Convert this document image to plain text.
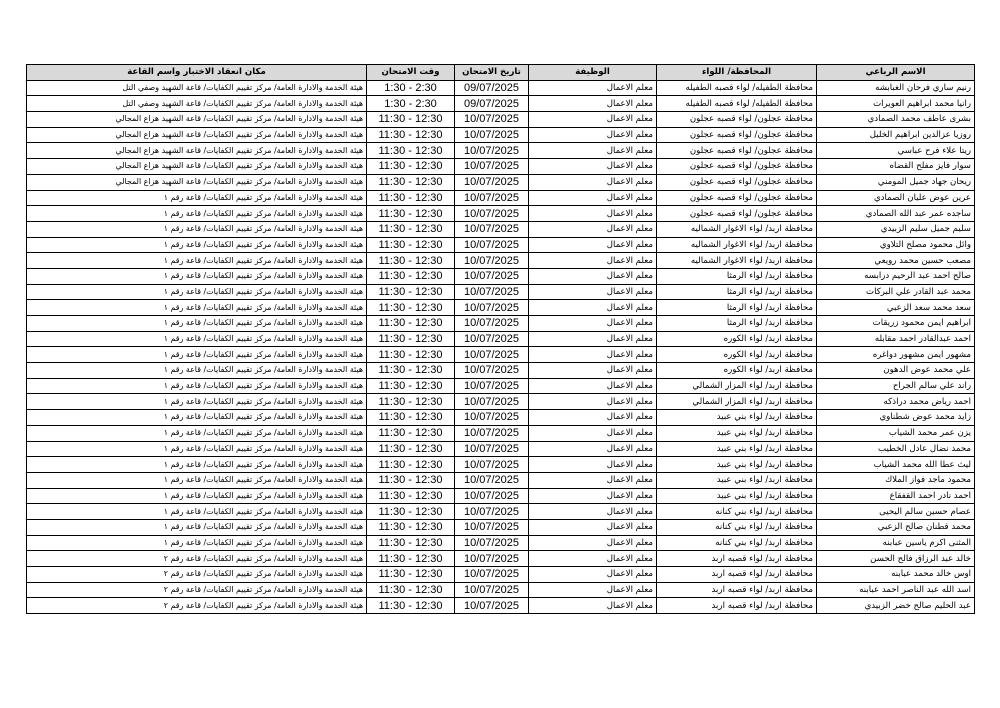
الاسم الرباعي	المحافظة/ اللواء	الوظيفة	تاريخ الامتحان	وقت الامتحان	مكان انعقاد الاختبار واسم القاعة
رنيم ساري فرحان الغبابشه	محافظة الطفيله/ لواء قصبه الطفيله	معلم الاعمال	09/07/2025	1:30 - 2:30	هيئة الخدمة والادارة العامة/ مركز تقييم الكفايات/ قاعة الشهيد وصفي التل
رانيا محمد ابراهيم العويرات	محافظة الطفيله/ لواء قصبه الطفيله	معلم الاعمال	09/07/2025	1:30 - 2:30	هيئة الخدمة والادارة العامة/ مركز تقييم الكفايات/ قاعة الشهيد وصفي التل
بشرى عاطف محمد الصمادي	محافظة عجلون/ لواء قصبه عجلون	معلم الاعمال	10/07/2025	11:30 - 12:30	هيئة الخدمة والادارة العامة/ مركز تقييم الكفايات/ قاعة الشهيد هزاع المجالي
روزيا عزالدين ابراهيم الخليل	محافظة عجلون/ لواء قصبه عجلون	معلم الاعمال	10/07/2025	11:30 - 12:30	هيئة الخدمة والادارة العامة/ مركز تقييم الكفايات/ قاعة الشهيد هزاع المجالي
ريتا علاء فرح عباسي	محافظة عجلون/ لواء قصبه عجلون	معلم الاعمال	10/07/2025	11:30 - 12:30	هيئة الخدمة والادارة العامة/ مركز تقييم الكفايات/ قاعة الشهيد هزاع المجالي
سوار فايز مفلح القضاه	محافظة عجلون/ لواء قصبه عجلون	معلم الاعمال	10/07/2025	11:30 - 12:30	هيئة الخدمة والادارة العامة/ مركز تقييم الكفايات/ قاعة الشهيد هزاع المجالي
ريحان جهاد جميل المومني	محافظة عجلون/ لواء قصبه عجلون	معلم الاعمال	10/07/2025	11:30 - 12:30	هيئة الخدمة والادارة العامة/ مركز تقييم الكفايات/ قاعة الشهيد هزاع المجالي
عرين عوض عليان الصمادي	محافظة عجلون/ لواء قصبه عجلون	معلم الاعمال	10/07/2025	11:30 - 12:30	هيئة الخدمة والادارة العامة/ مركز تقييم الكفايات/ قاعة رقم ١
ساجده عمر عبد الله الصمادي	محافظة عجلون/ لواء قصبه عجلون	معلم الاعمال	10/07/2025	11:30 - 12:30	هيئة الخدمة والادارة العامة/ مركز تقييم الكفايات/ قاعة رقم ١
سليم جميل سليم الزبيدي	محافظة اربد/ لواء الاغوار الشماليه	معلم الاعمال	10/07/2025	11:30 - 12:30	هيئة الخدمة والادارة العامة/ مركز تقييم الكفايات/ قاعة رقم ١
وائل محمود مصلح التلاوي	محافظة اربد/ لواء الاغوار الشماليه	معلم الاعمال	10/07/2025	11:30 - 12:30	هيئة الخدمة والادارة العامة/ مركز تقييم الكفايات/ قاعة رقم ١
مصعب حسين محمد رويعي	محافظة اربد/ لواء الاغوار الشماليه	معلم الاعمال	10/07/2025	11:30 - 12:30	هيئة الخدمة والادارة العامة/ مركز تقييم الكفايات/ قاعة رقم ١
صالح احمد عبد الرحيم درابسه	محافظة اربد/ لواء الرمثا	معلم الاعمال	10/07/2025	11:30 - 12:30	هيئة الخدمة والادارة العامة/ مركز تقييم الكفايات/ قاعة رقم ١
محمد عبد القادر علي البركات	محافظة اربد/ لواء الرمثا	معلم الاعمال	10/07/2025	11:30 - 12:30	هيئة الخدمة والادارة العامة/ مركز تقييم الكفايات/ قاعة رقم ١
سعد محمد سعد الزعبي	محافظة اربد/ لواء الرمثا	معلم الاعمال	10/07/2025	11:30 - 12:30	هيئة الخدمة والادارة العامة/ مركز تقييم الكفايات/ قاعة رقم ١
ابراهيم ايمن محمود زريقات	محافظة اربد/ لواء الرمثا	معلم الاعمال	10/07/2025	11:30 - 12:30	هيئة الخدمة والادارة العامة/ مركز تقييم الكفايات/ قاعة رقم ١
احمد عبدالقادر احمد مقابله	محافظة اربد/ لواء الكوره	معلم الاعمال	10/07/2025	11:30 - 12:30	هيئة الخدمة والادارة العامة/ مركز تقييم الكفايات/ قاعة رقم ١
مشهور ايمن مشهور دواغره	محافظة اربد/ لواء الكوره	معلم الاعمال	10/07/2025	11:30 - 12:30	هيئة الخدمة والادارة العامة/ مركز تقييم الكفايات/ قاعة رقم ١
علي محمد عوض الدهون	محافظة اربد/ لواء الكوره	معلم الاعمال	10/07/2025	11:30 - 12:30	هيئة الخدمة والادارة العامة/ مركز تقييم الكفايات/ قاعة رقم ١
راند علي سالم الجراح	محافظة اربد/ لواء المزار الشمالي	معلم الاعمال	10/07/2025	11:30 - 12:30	هيئة الخدمة والادارة العامة/ مركز تقييم الكفايات/ قاعة رقم ١
احمد رياض محمد دراذكه	محافظة اربد/ لواء المزار الشمالي	معلم الاعمال	10/07/2025	11:30 - 12:30	هيئة الخدمة والادارة العامة/ مركز تقييم الكفايات/ قاعة رقم ١
زايد محمد عوض شطناوي	محافظة اربد/ لواء بني عبيد	معلم الاعمال	10/07/2025	11:30 - 12:30	هيئة الخدمة والادارة العامة/ مركز تقييم الكفايات/ قاعة رقم ١
يزن عمر محمد الشياب	محافظة اربد/ لواء بني عبيد	معلم الاعمال	10/07/2025	11:30 - 12:30	هيئة الخدمة والادارة العامة/ مركز تقييم الكفايات/ قاعة رقم ١
محمد نضال عادل الخطيب	محافظة اربد/ لواء بني عبيد	معلم الاعمال	10/07/2025	11:30 - 12:30	هيئة الخدمة والادارة العامة/ مركز تقييم الكفايات/ قاعة رقم ١
ليث عطا الله محمد الشياب	محافظة اربد/ لواء بني عبيد	معلم الاعمال	10/07/2025	11:30 - 12:30	هيئة الخدمة والادارة العامة/ مركز تقييم الكفايات/ قاعة رقم ١
محمود ماجد فواز الملاك	محافظة اربد/ لواء بني عبيد	معلم الاعمال	10/07/2025	11:30 - 12:30	هيئة الخدمة والادارة العامة/ مركز تقييم الكفايات/ قاعة رقم ١
احمد نادر احمد القفقاع	محافظة اربد/ لواء بني عبيد	معلم الاعمال	10/07/2025	11:30 - 12:30	هيئة الخدمة والادارة العامة/ مركز تقييم الكفايات/ قاعة رقم ١
عصام حسين سالم اليحيى	محافظة اربد/ لواء بني كنانه	معلم الاعمال	10/07/2025	11:30 - 12:30	هيئة الخدمة والادارة العامة/ مركز تقييم الكفايات/ قاعة رقم ١
محمد قطنان صالح الزعبي	محافظة اربد/ لواء بني كنانه	معلم الاعمال	10/07/2025	11:30 - 12:30	هيئة الخدمة والادارة العامة/ مركز تقييم الكفايات/ قاعة رقم ١
المثنى اكرم ياسين عبابنه	محافظة اربد/ لواء بني كنانه	معلم الاعمال	10/07/2025	11:30 - 12:30	هيئة الخدمة والادارة العامة/ مركز تقييم الكفايات/ قاعة رقم ١
خالد عبد الرزاق فالح الحسن	محافظة اربد/ لواء قصبه اربد	معلم الاعمال	10/07/2025	11:30 - 12:30	هيئة الخدمة والادارة العامة/ مركز تقييم الكفايات/ قاعة رقم ٢
اوس خالد محمد عبابنه	محافظة اربد/ لواء قصبه اربد	معلم الاعمال	10/07/2025	11:30 - 12:30	هيئة الخدمة والادارة العامة/ مركز تقييم الكفايات/ قاعة رقم ٢
اسد الله عبد الناصر احمد عبابنه	محافظة اربد/ لواء قصبه اربد	معلم الاعمال	10/07/2025	11:30 - 12:30	هيئة الخدمة والادارة العامة/ مركز تقييم الكفايات/ قاعة رقم ٢
عبد الحليم صالح خضر الزبيدي	محافظة اربد/ لواء قصبه اربد	معلم الاعمال	10/07/2025	11:30 - 12:30	هيئة الخدمة والادارة العامة/ مركز تقييم الكفايات/ قاعة رقم ٢
